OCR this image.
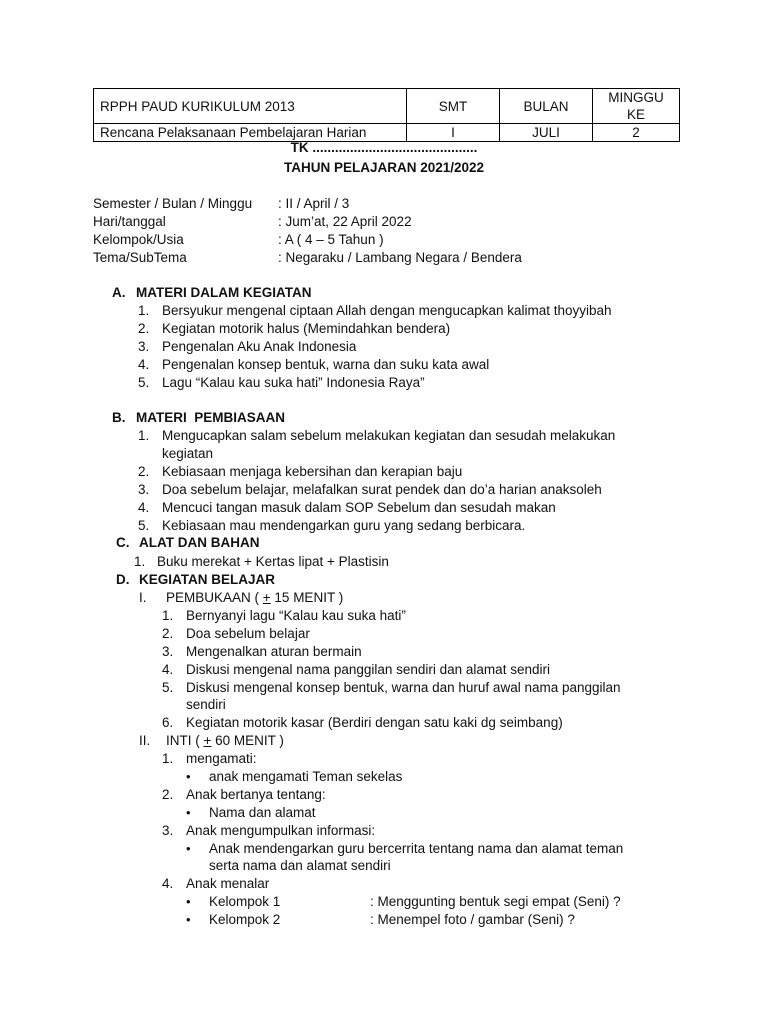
RPPH PAUD KURIKULUM 2013	SMT	BULAN	MINGGU KE
Rencana Pelaksanaan Pembelajaran Harian	I	JULI	2
TK ............................................
TAHUN PELAJARAN 2021/2022
Semester / Bulan / Minggu : II / April / 3
Hari/tanggal	: Jum’at, 22 April 2022
Kelompok/Usia	: A ( 4 – 5 Tahun )
Tema/SubTema	: Negaraku / Lambang Negara / Bendera
A. MATERI DALAM KEGIATAN
1. Bersyukur mengenal ciptaan Allah dengan mengucapkan kalimat thoyyibah
2. Kegiatan motorik halus (Memindahkan bendera)
3. Pengenalan Aku Anak Indonesia
4. Pengenalan konsep bentuk, warna dan suku kata awal
5. Lagu “Kalau kau suka hati” Indonesia Raya”
B. MATERI  PEMBIASAAN
1. Mengucapkan salam sebelum melakukan kegiatan dan sesudah melakukan
kegiatan
2. Kebiasaan menjaga kebersihan dan kerapian baju
3. Doa sebelum belajar, melafalkan surat pendek dan do’a harian anaksoleh
4. Mencuci tangan masuk dalam SOP Sebelum dan sesudah makan
5. Kebiasaan mau mendengarkan guru yang sedang berbicara.
C. ALAT DAN BAHAN
1. Buku merekat + Kertas lipat + Plastisin
D. KEGIATAN BELAJAR
I. PEMBUKAAN ( + 15 MENIT )
1. Bernyanyi lagu “Kalau kau suka hati”
2. Doa sebelum belajar
3. Mengenalkan aturan bermain
4. Diskusi mengenal nama panggilan sendiri dan alamat sendiri
5. Diskusi mengenal konsep bentuk, warna dan huruf awal nama panggilan
sendiri
6. Kegiatan motorik kasar (Berdiri dengan satu kaki dg seimbang)
II. INTI ( + 60 MENIT )
1. mengamati:
• anak mengamati Teman sekelas
2. Anak bertanya tentang:
• Nama dan alamat
3. Anak mengumpulkan informasi:
• Anak mendengarkan guru bercerrita tentang nama dan alamat teman
serta nama dan alamat sendiri
4. Anak menalar
• Kelompok 1	: Menggunting bentuk segi empat (Seni) ?
• Kelompok 2	: Menempel foto / gambar (Seni) ?
